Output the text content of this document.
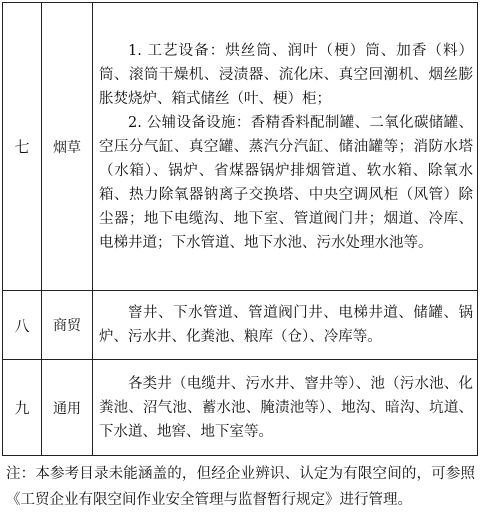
七	烟草	1. 工艺设备：烘丝筒、润叶（梗）筒、加香（料）筒、滚筒干燥机、浸渍器、流化床、真空回潮机、烟丝膨胀焚烧炉、箱式储丝（叶、梗）柜；

2. 公辅设备设施：香精香料配制罐、二氧化碳储罐、空压分气缸、真空罐、蒸汽分汽缸、储油罐等；消防水塔（水箱）、锅炉、省煤器锅炉排烟管道、软水箱、除氧水箱、热力除氧器钠离子交换塔、中央空调风柜（风管）除尘器；地下电缆沟、地下室、管道阀门井；烟道、冷库、电梯井道；下水管道、地下水池、污水处理水池等。

八	商贸	窨井、下水管道、管道阀门井、电梯井道、储罐、锅炉、污水井、化粪池、粮库（仓）、冷库等。

九	通用	各类井（电缆井、污水井、窨井等）、池（污水池、化粪池、沼气池、蓄水池、腌渍池等）、地沟、暗沟、坑道、下水道、地窖、地下室等。

注：本参考目录未能涵盖的，但经企业辨识、认定为有限空间的，可参照《工贸企业有限空间作业安全管理与监督暂行规定》进行管理。
